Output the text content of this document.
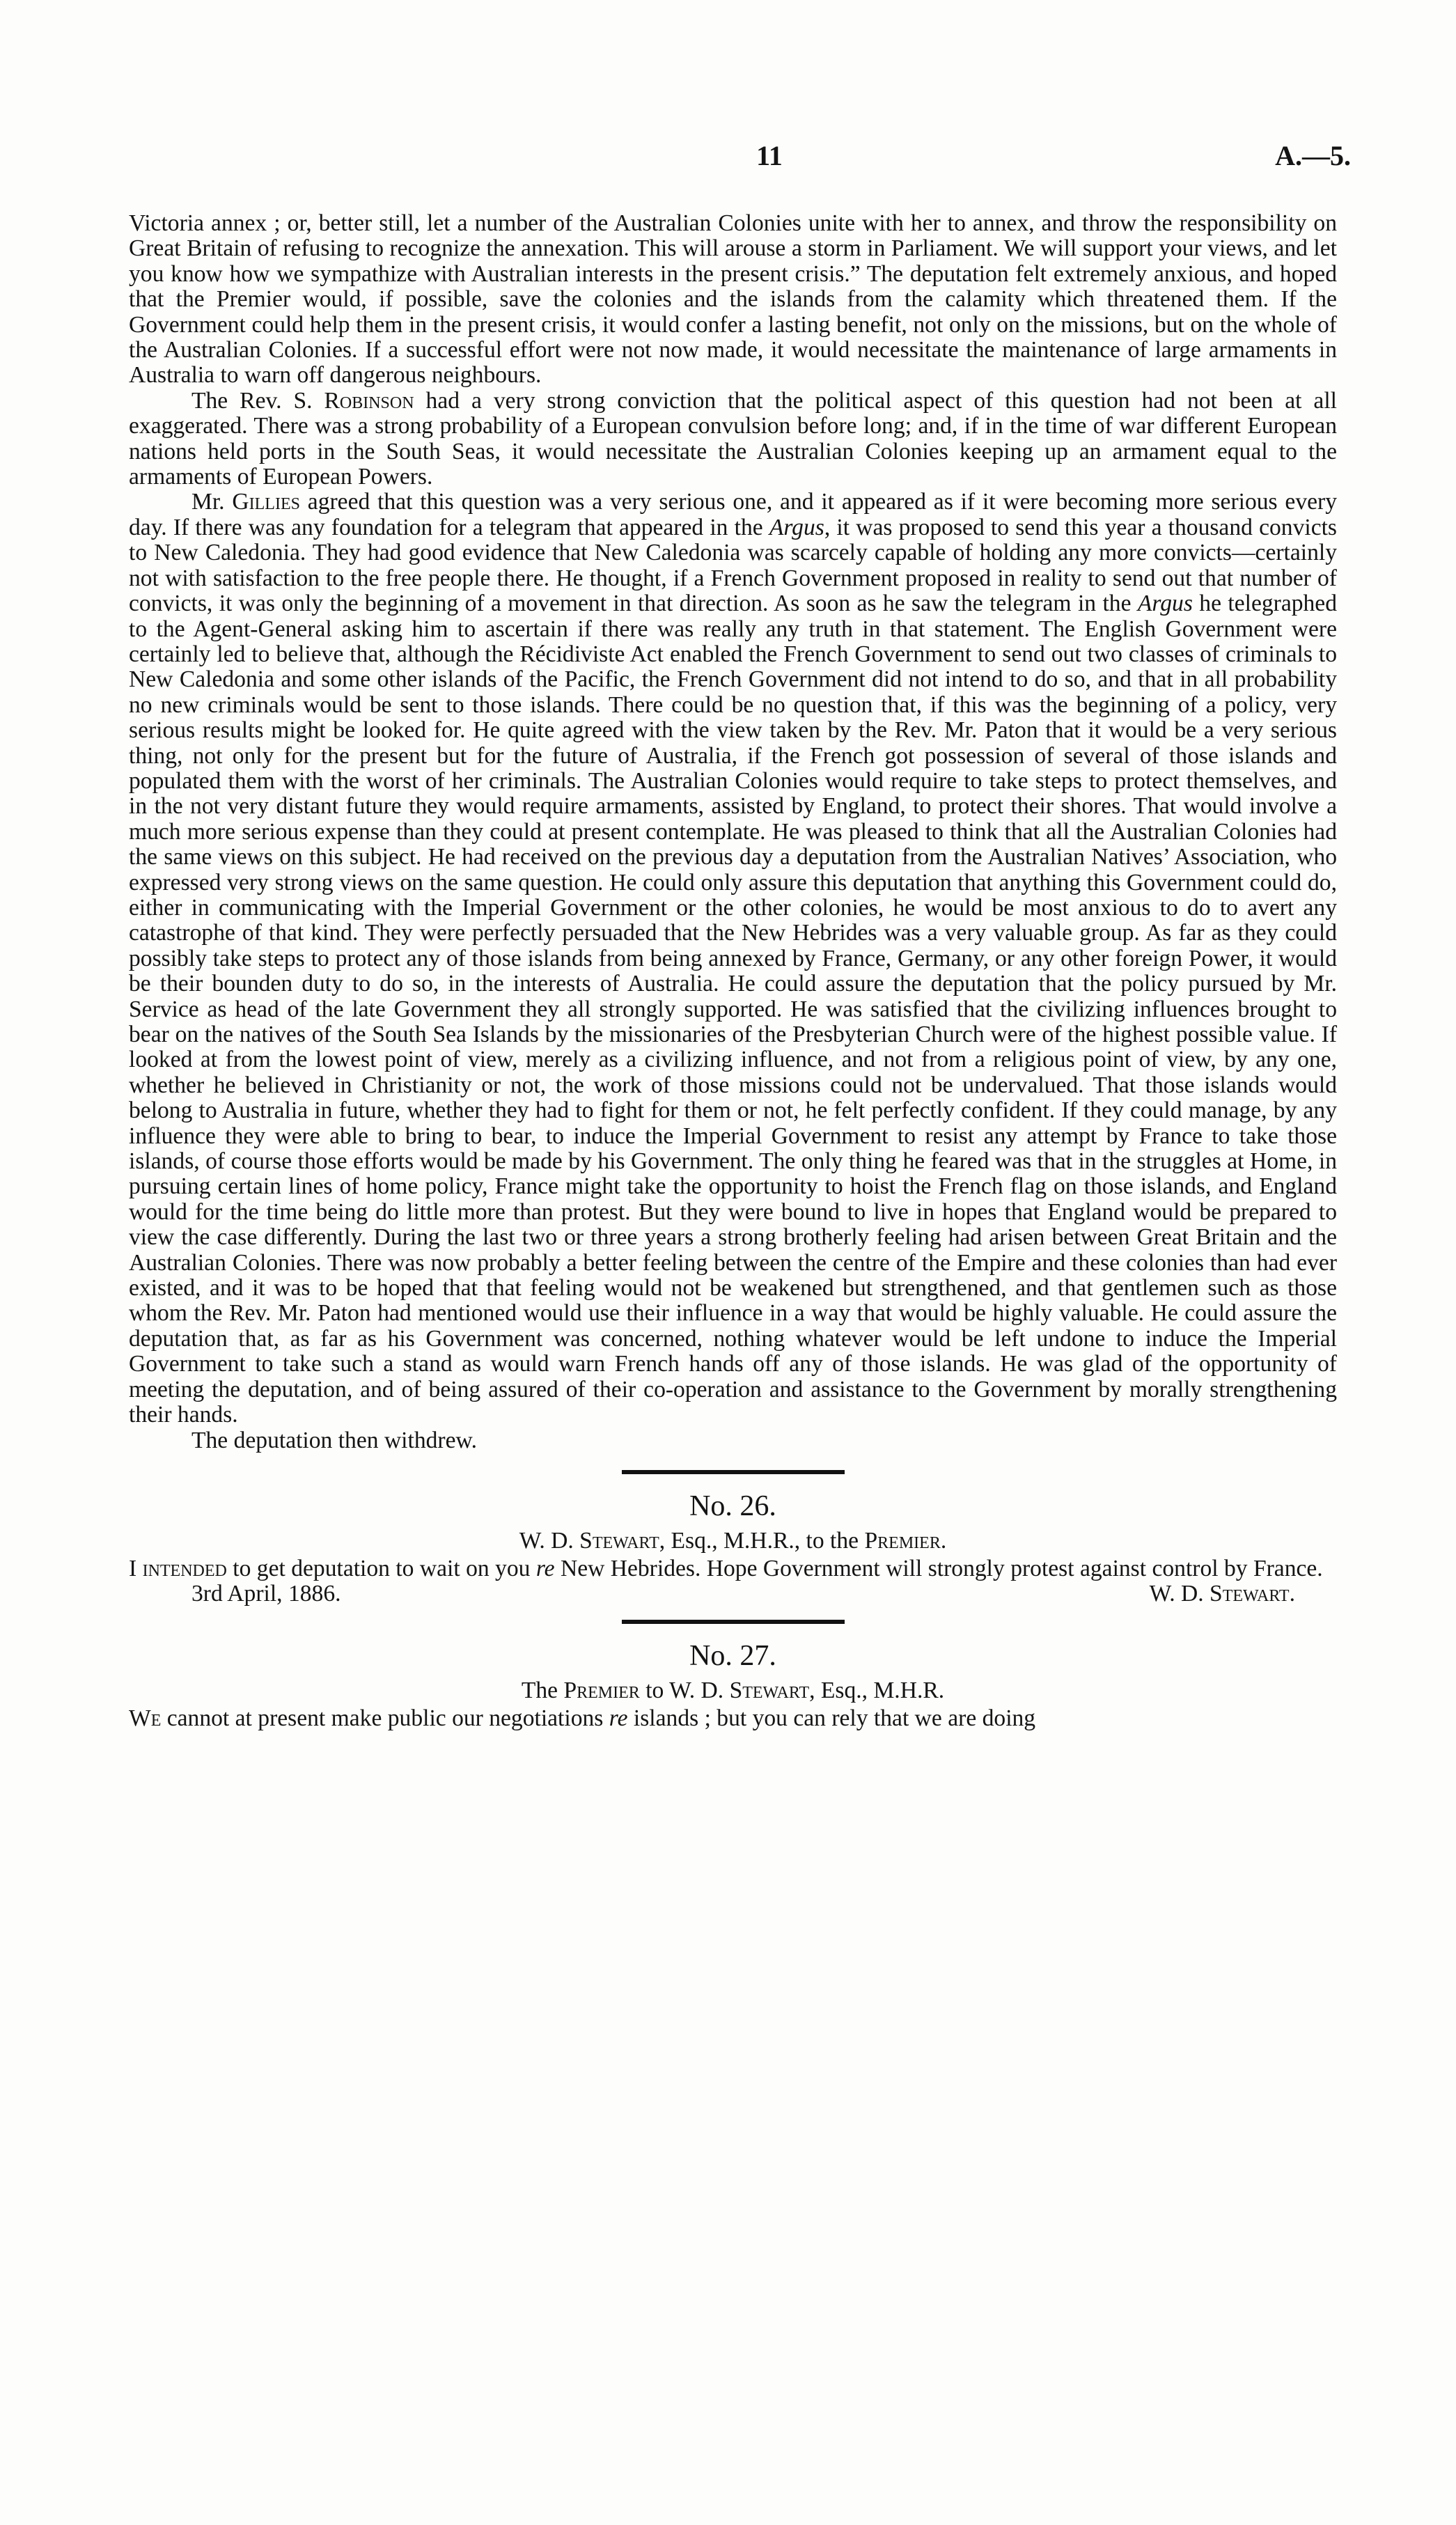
11	A.—5.

Victoria annex ; or, better still, let a number of the Australian Colonies unite with her to annex, and throw the responsibility on Great Britain of refusing to recognize the annexation. This will arouse a storm in Parliament. We will support your views, and let you know how we sympathize with Australian interests in the present crisis.” The deputation felt extremely anxious, and hoped that the Premier would, if possible, save the colonies and the islands from the calamity which threatened them. If the Government could help them in the present crisis, it would confer a lasting benefit, not only on the missions, but on the whole of the Australian Colonies. If a successful effort were not now made, it would necessitate the maintenance of large armaments in Australia to warn off dangerous neighbours.

The Rev. S. Robinson had a very strong conviction that the political aspect of this question had not been at all exaggerated. There was a strong probability of a European convulsion before long; and, if in the time of war different European nations held ports in the South Seas, it would necessitate the Australian Colonies keeping up an armament equal to the armaments of European Powers.

Mr. Gillies agreed that this question was a very serious one, and it appeared as if it were becoming more serious every day. If there was any foundation for a telegram that appeared in the Argus, it was proposed to send this year a thousand convicts to New Caledonia. They had good evidence that New Caledonia was scarcely capable of holding any more convicts—certainly not with satisfaction to the free people there. He thought, if a French Government proposed in reality to send out that number of convicts, it was only the beginning of a movement in that direction. As soon as he saw the telegram in the Argus he telegraphed to the Agent-General asking him to ascertain if there was really any truth in that statement. The English Government were certainly led to believe that, although the Récidiviste Act enabled the French Government to send out two classes of criminals to New Caledonia and some other islands of the Pacific, the French Government did not intend to do so, and that in all probability no new criminals would be sent to those islands. There could be no question that, if this was the beginning of a policy, very serious results might be looked for. He quite agreed with the view taken by the Rev. Mr. Paton that it would be a very serious thing, not only for the present but for the future of Australia, if the French got possession of several of those islands and populated them with the worst of her criminals. The Australian Colonies would require to take steps to protect themselves, and in the not very distant future they would require armaments, assisted by England, to protect their shores. That would involve a much more serious expense than they could at present contemplate. He was pleased to think that all the Australian Colonies had the same views on this subject. He had received on the previous day a deputation from the Australian Natives’ Association, who expressed very strong views on the same question. He could only assure this deputation that anything this Government could do, either in communicating with the Imperial Government or the other colonies, he would be most anxious to do to avert any catastrophe of that kind. They were perfectly persuaded that the New Hebrides was a very valuable group. As far as they could possibly take steps to protect any of those islands from being annexed by France, Germany, or any other foreign Power, it would be their bounden duty to do so, in the interests of Australia. He could assure the deputation that the policy pursued by Mr. Service as head of the late Government they all strongly supported. He was satisfied that the civilizing influences brought to bear on the natives of the South Sea Islands by the missionaries of the Presbyterian Church were of the highest possible value. If looked at from the lowest point of view, merely as a civilizing influence, and not from a religious point of view, by any one, whether he believed in Christianity or not, the work of those missions could not be undervalued. That those islands would belong to Australia in future, whether they had to fight for them or not, he felt perfectly confident. If they could manage, by any influence they were able to bring to bear, to induce the Imperial Government to resist any attempt by France to take those islands, of course those efforts would be made by his Government. The only thing he feared was that in the struggles at Home, in pursuing certain lines of home policy, France might take the opportunity to hoist the French flag on those islands, and England would for the time being do little more than protest. But they were bound to live in hopes that England would be prepared to view the case differently. During the last two or three years a strong brotherly feeling had arisen between Great Britain and the Australian Colonies. There was now probably a better feeling between the centre of the Empire and these colonies than had ever existed, and it was to be hoped that that feeling would not be weakened but strengthened, and that gentlemen such as those whom the Rev. Mr. Paton had mentioned would use their influence in a way that would be highly valuable. He could assure the deputation that, as far as his Government was concerned, nothing whatever would be left undone to induce the Imperial Government to take such a stand as would warn French hands off any of those islands. He was glad of the opportunity of meeting the deputation, and of being assured of their co-operation and assistance to the Government by morally strengthening their hands.

The deputation then withdrew.

No. 26.
W. D. Stewart, Esq., M.H.R., to the Premier.

I intended to get deputation to wait on you re New Hebrides. Hope Government will strongly protest against control by France.

3rd April, 1886.	W. D. Stewart.
No. 27.
The Premier to W. D. Stewart, Esq., M.H.R.

We cannot at present make public our negotiations re islands ; but you can rely that we are doing
